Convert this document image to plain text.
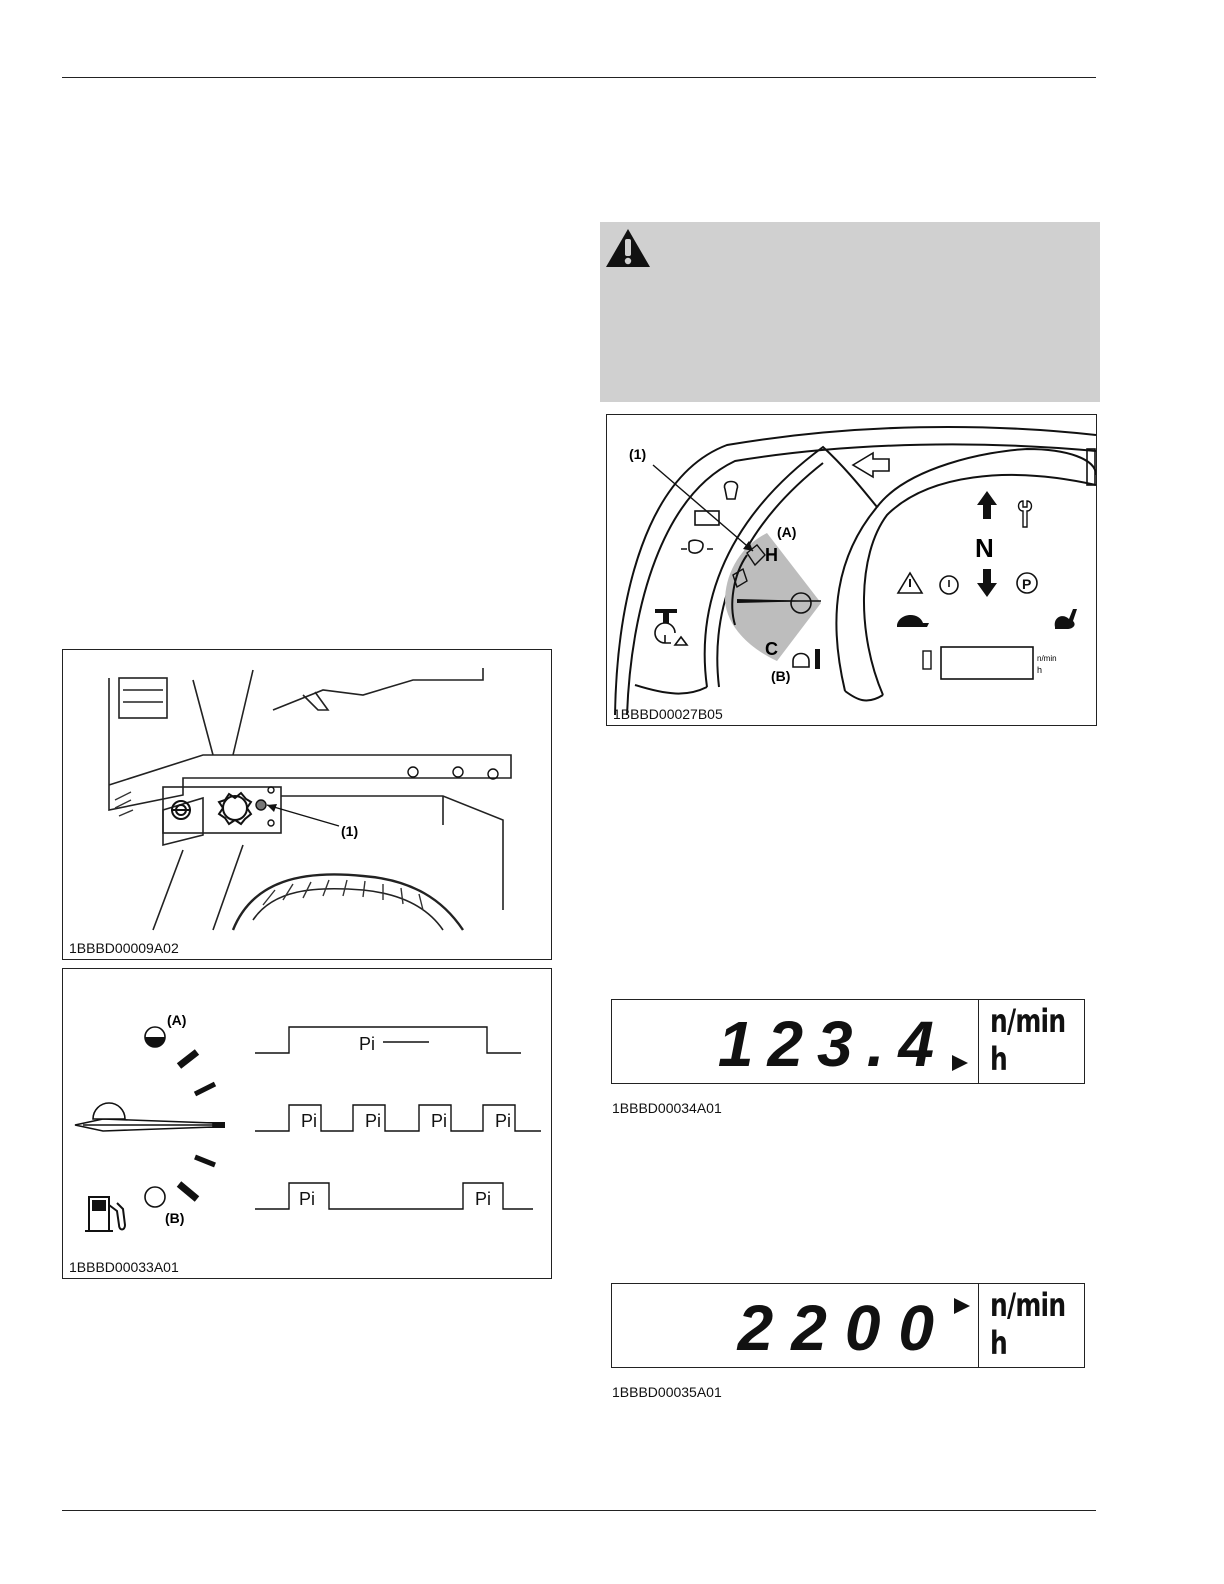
(1)
1BBBD00009A02
(A)
(B)
Pi
Pi	Pi	Pi	Pi
Pi	Pi
1BBBD00033A01
H
C
(A)
(B)
(1)
N
P
n/min
h
1BBBD00027B05
123.4 n/min
h
1BBBD00034A01
2200 n/min
h
1BBBD00035A01
